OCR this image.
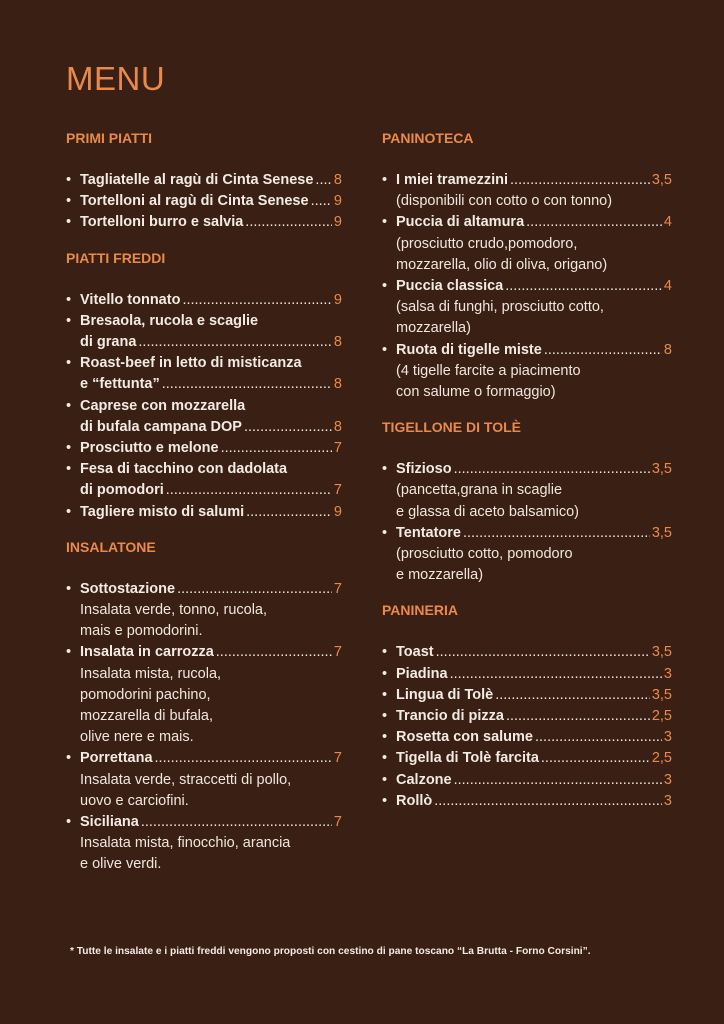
MENU
PRIMI PIATTI
• Tagliatelle al ragù di Cinta Senese ..... 8
• Tortelloni al ragù di Cinta Senese ..... 9
• Tortelloni burro e salvia .....	9
PIATTI FREDDI
• Vitello tonnato .....	9
• Bresaola, rucola e scaglie
di grana .....	8
• Roast-beef in letto di misticanza
e “fettunta” .....	8
• Caprese con mozzarella
di bufala campana DOP .....	8
• Prosciutto e melone .....	7
• Fesa di tacchino con dadolata
di pomodori .....	7
• Tagliere misto di salumi .....	9
INSALATONE
• Sottostazione .....	7
Insalata verde, tonno, rucola,
mais e pomodorini.
• Insalata in carrozza .....	7
Insalata mista, rucola,
pomodorini pachino,
mozzarella di bufala,
olive nere e mais.
• Porrettana .....	7
Insalata verde, straccetti di pollo,
uovo e carciofini.
• Siciliana .....	7
Insalata mista, finocchio, arancia
e olive verdi.
PANINOTECA
• I miei tramezzini .....	3,5
(disponibili con cotto o con tonno)
• Puccia di altamura .....	4
(prosciutto crudo,pomodoro,
mozzarella, olio di oliva, origano)
• Puccia classica .....	4
(salsa di funghi, prosciutto cotto,
mozzarella)
• Ruota di tigelle miste .....	8
(4 tigelle farcite a piacimento
con salume o formaggio)
TIGELLONE DI TOLÈ
• Sfizioso .....	3,5
(pancetta,grana in scaglie
e glassa di aceto balsamico)
• Tentatore .....	3,5
(prosciutto cotto, pomodoro
e mozzarella)
PANINERIA
• Toast .....	3,5
• Piadina .....	3
• Lingua di Tolè .....	3,5
• Trancio di pizza .....	2,5
• Rosetta con salume .....	3
• Tigella di Tolè farcita .....	2,5
• Calzone .....	3
• Rollò .....	3
* Tutte le insalate e i piatti freddi vengono proposti con cestino di pane toscano “La Brutta - Forno Corsini”.
